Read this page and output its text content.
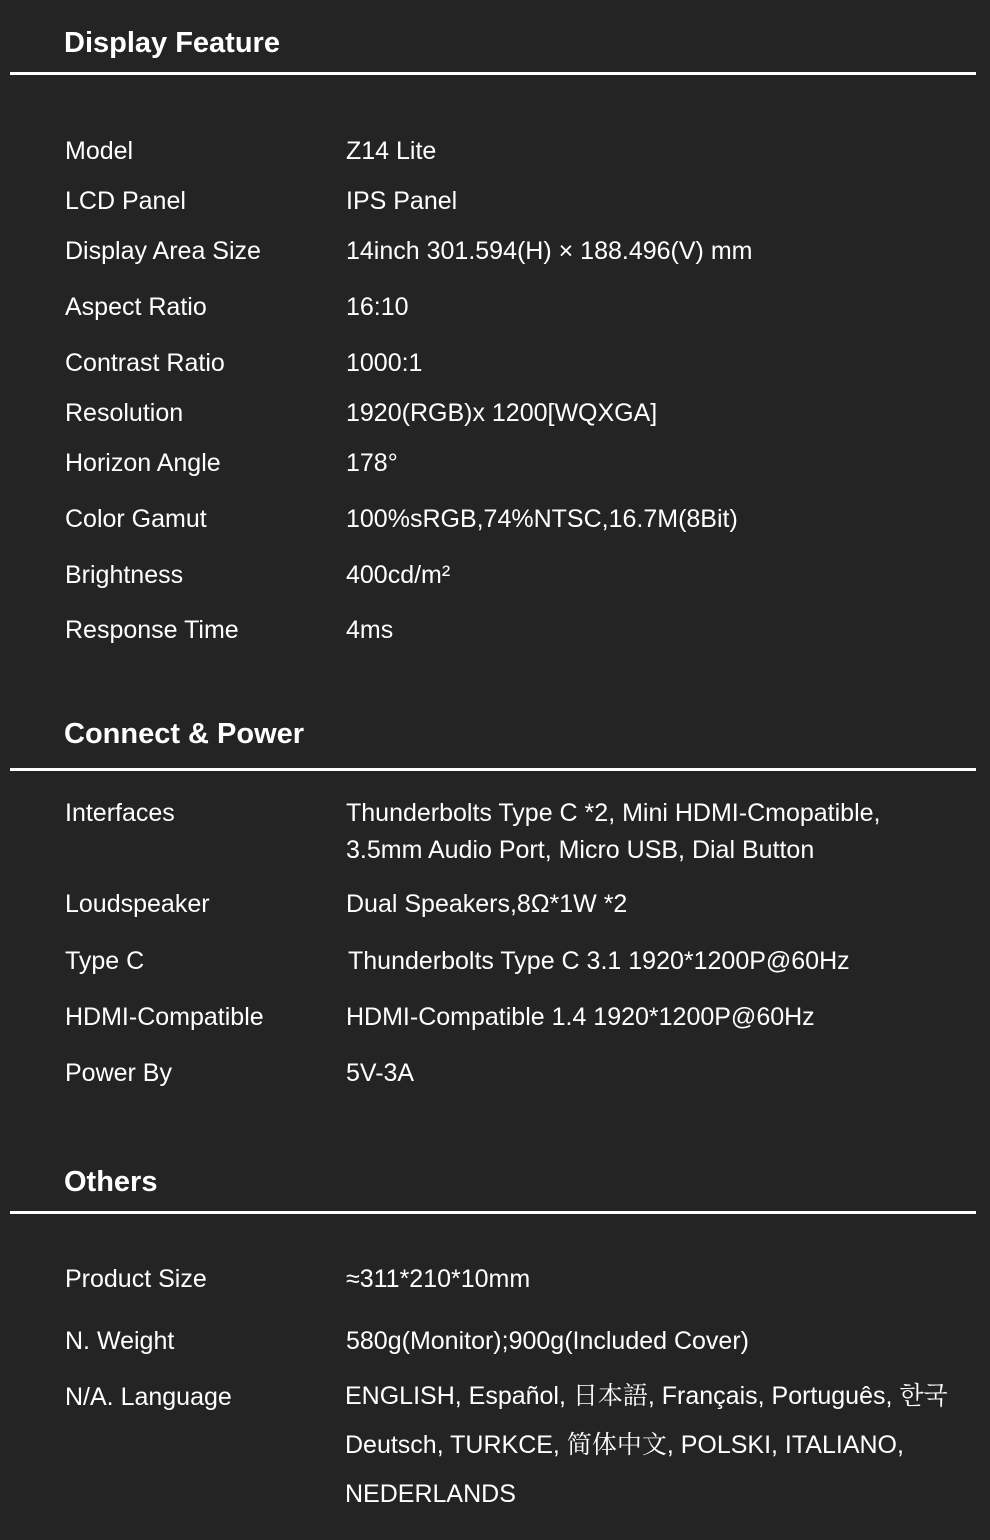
Display Feature
Model	Z14 Lite
LCD Panel	IPS Panel
Display Area Size	14inch 301.594(H) × 188.496(V) mm
Aspect Ratio	16:10
Contrast Ratio	1000:1
Resolution	1920(RGB)x 1200[WQXGA]
Horizon Angle	178°
Color Gamut	100%sRGB,74%NTSC,16.7M(8Bit)
Brightness	400cd/m²
Response Time	4ms
Connect & Power
Interfaces	Thunderbolts Type C *2, Mini HDMI-Cmopatible,
3.5mm Audio Port, Micro USB, Dial Button
Loudspeaker	Dual Speakers,8Ω*1W *2
Type C	Thunderbolts Type C 3.1 1920*1200P@60Hz
HDMI-Compatible	HDMI-Compatible 1.4 1920*1200P@60Hz
Power By	5V-3A
Others
Product Size	≈311*210*10mm
N. Weight	580g(Monitor);900g(Included Cover)
N/A. Language	ENGLISH, Español, 日本語, Français, Português, 한국
Deutsch, TURKCE, 简体中文, POLSKI, ITALIANO,
NEDERLANDS
